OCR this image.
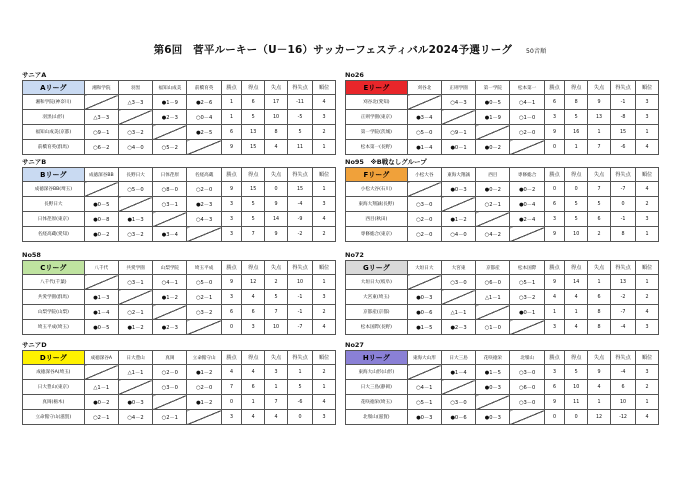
第6回　菅平ルーキー（U－16）サッカーフェスティバル2024予選リーグ 50音順
サニアA
Aリーグ	湘和学院	羽黒	福知山成美	前橋育英	勝点	得点	失点	得失点	順位
湘和学院(神奈川)		△3－3	●1－9	●2－6	1	6	17	-11	4
羽黒(山形)	△3－3		●2－3	○0－4	1	5	10	-5	3
福知山成美(京都)	○9－1	○3－2		●2－5	6	13	8	5	2
前橋育英(群馬)	○6－2	○4－0	○5－2		9	15	4	11	1
No26
Eリーグ	刈谷北	正則学園	第一学院	松本第一	勝点	得点	失点	得失点	順位
刈谷北(愛知)		○4－3	●0－5	○4－1	6	8	9	-1	3
正則学園(東京)	●3－4		●1－9	○1－0	3	5	13	-8	3
第一学院(茨城)	○5－0	○9－1		○2－0	9	16	1	15	1
松本第一(長野)	●1－4	●0－1	●0－2		0	1	7	-6	4
サニアB
Bリーグ	成徳深谷BB	長野日大	日体荏原	名経高蔵	勝点	得点	失点	得失点	順位
成徳深谷BB(埼玉)		○5－0	○8－0	○2－0	9	15	0	15	1
長野日大	●0－5		○3－1	●2－3	3	5	9	-4	3
日体荏原(東京)	●0－8	●1－3		○4－3	3	5	14	-9	4
名経高蔵(愛知)	●0－2	○3－2	●3－4		3	7	9	-2	2
No95　※B戦なしグループ
Fリーグ	小松大谷	東海大翔誠	西目	専修総合	勝点	得点	失点	得失点	順位
小松大谷(石川)		●0－3	●0－2	●0－2	0	0	7	-7	4
東海大翔誠(長野)	○3－0		○2－1	●0－4	6	5	5	0	2
西目(秋田)	○2－0	●1－2		●2－4	3	5	6	-1	3
専修総合(東京)	○2－0	○4－0	○4－2		9	10	2	8	1
No58
Cリーグ	八千代	共愛学園	山梨学院	埼玉平成	勝点	得点	失点	得失点	順位
八千代(千葉)		○3－1	○4－1	○5－0	9	12	2	10	1
共愛学園(群馬)	●1－3		●1－2	○2－1	3	4	5	-1	3
山梨学院(山梨)	●1－4	○2－1		○3－2	6	6	7	-1	2
埼玉平成(埼玉)	●0－5	●1－2	●2－3		0	3	10	-7	4
No72
Gリーグ	大垣日大	大宮東	京都産	松本国際	勝点	得点	失点	得失点	順位
大垣日大(岐阜)		○3－0	○6－0	○5－1	9	14	1	13	1
大宮東(埼玉)	●0－3		△1－1	○3－2	4	4	6	-2	2
京都産(京都)	●0－6	△1－1		●0－1	1	1	8	-7	4
松本国際(長野)	●1－5	●2－3	○1－0		3	4	8	-4	3
サニアD
Dリーグ	成徳深谷A	日大豊山	真岡	立命館守山	勝点	得点	失点	得失点	順位
成徳深谷A(埼玉)		△1－1	○2－0	●1－2	4	4	3	1	2
日大豊山(東京)	△1－1		○3－0	○2－0	7	6	1	5	1
真岡(栃木)	●0－2	●0－3		●1－2	0	1	7	-6	4
立命館守山(滋賀)	○2－1	○4－2	○2－1		3	4	4	0	3
No27
Hリーグ	東海大山形	日大三島	花咲徳栄	北嶺山	勝点	得点	失点	得失点	順位
東海大山形(山形)		●1－4	●1－5	○3－0	3	5	9	-4	3
日大三島(静岡)	○4－1		●0－3	○6－0	6	10	4	6	2
花咲徳栄(埼玉)	○5－1	○3－0		○3－0	9	11	1	10	1
北嶺山(滋賀)	●0－3	●0－6	●0－3		0	0	12	-12	4
